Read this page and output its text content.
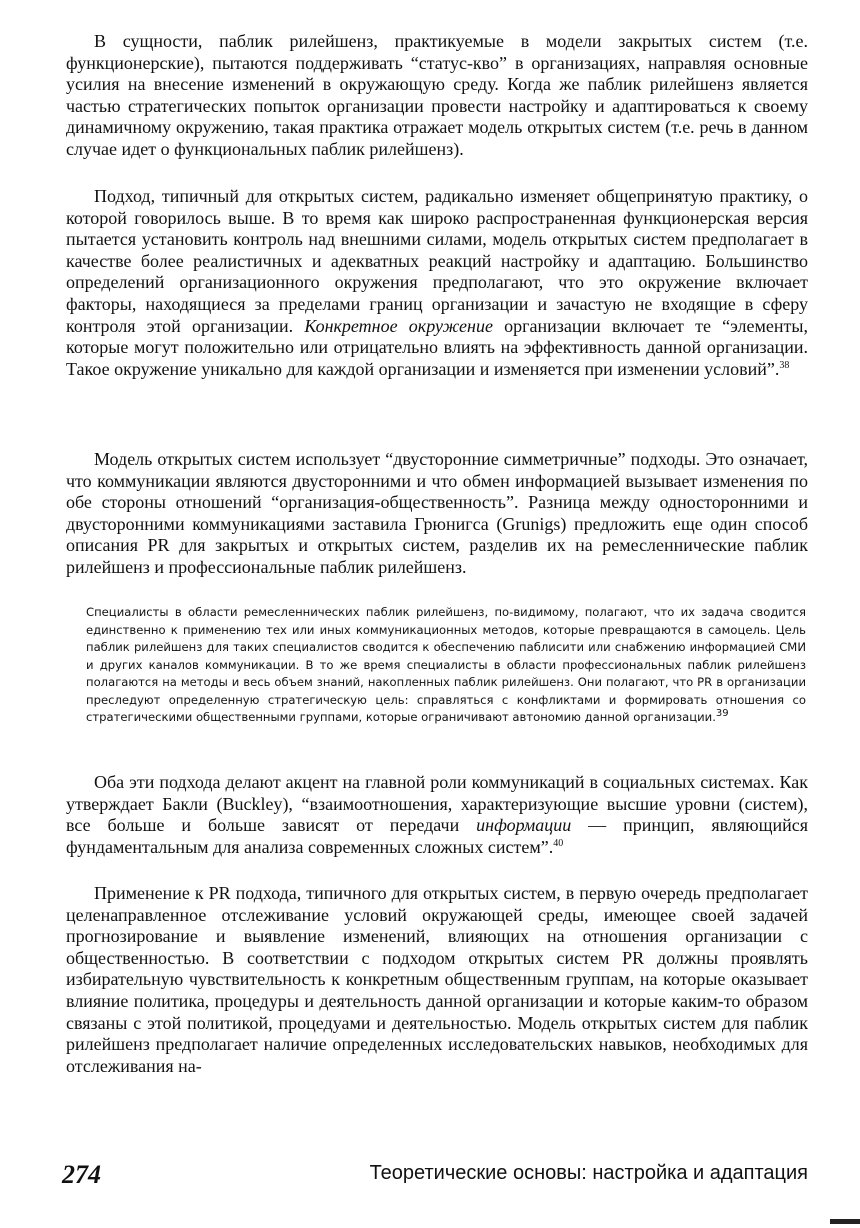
В сущности, паблик рилейшенз, практикуемые в модели закрытых систем (т.е. функционерские), пытаются поддерживать “статус-кво” в организациях, направляя основные усилия на внесение изменений в окружающую среду. Когда же паблик рилейшенз является частью стратегических попыток организации провести настройку и адаптироваться к своему динамичному окружению, такая практика отражает модель открытых систем (т.е. речь в данном случае идет о функциональных паблик рилейшенз).

Подход, типичный для открытых систем, радикально изменяет общепринятую практику, о которой говорилось выше. В то время как широко распространенная функционерская версия пытается установить контроль над внешними силами, модель открытых систем предполагает в качестве более реалистичных и адекватных реакций настройку и адаптацию. Большинство определений организационного окружения предполагают, что это окружение включает факторы, находящиеся за пределами границ организации и зачастую не входящие в сферу контроля этой организации. Конкретное окружение организации включает те “элементы, которые могут положительно или отрицательно влиять на эффективность данной организации. Такое окружение уникально для каждой организации и изменяется при изменении условий”.$^{38}$

Модель открытых систем использует “двусторонние симметричные” подходы. Это означает, что коммуникации являются двусторонними и что обмен информацией вызывает изменения по обе стороны отношений “организация-общественность”. Разница между односторонними и двусторонними коммуникациями заставила Грюнигса (Grunigs) предложить еще один способ описания PR для закрытых и открытых систем, разделив их на ремесленнические паблик рилейшенз и профессиональные паблик рилейшенз.

Специалисты в области ремесленнических паблик рилейшенз, по-видимому, полагают, что их задача сводится единственно к применению тех или иных коммуникационных методов, которые превращаются в самоцель. Цель паблик рилейшенз для таких специалистов сводится к обеспечению паблисити или снабжению информацией СМИ и других каналов коммуникации. В то же время специалисты в области профессиональных паблик рилейшенз полагаются на методы и весь объем знаний, накопленных паблик рилейшенз. Они полагают, что PR в организации преследуют определенную стратегическую цель: справляться с конфликтами и формировать отношения со стратегическими общественными группами, которые ограничивают автономию данной организации.$^{39}$

Оба эти подхода делают акцент на главной роли коммуникаций в социальных системах. Как утверждает Бакли (Buckley), “взаимоотношения, характеризующие высшие уровни (систем), все больше и больше зависят от передачи информации — принцип, являющийся фундаментальным для анализа современных сложных систем”.$^{40}$

Применение к PR подхода, типичного для открытых систем, в первую очередь предполагает целенаправленное отслеживание условий окружающей среды, имеющее своей задачей прогнозирование и выявление изменений, влияющих на отношения организации с общественностью. В соответствии с подходом открытых систем PR должны проявлять избирательную чувствительность к конкретным общественным группам, на которые оказывает влияние политика, процедуры и деятельность данной организации и которые каким-то образом связаны с этой политикой, процедуами и деятельностью. Модель открытых систем для паблик рилейшенз предполагает наличие определенных исследовательских навыков, необходимых для отслеживания на-

274	Теоретические основы: настройка и адаптация
